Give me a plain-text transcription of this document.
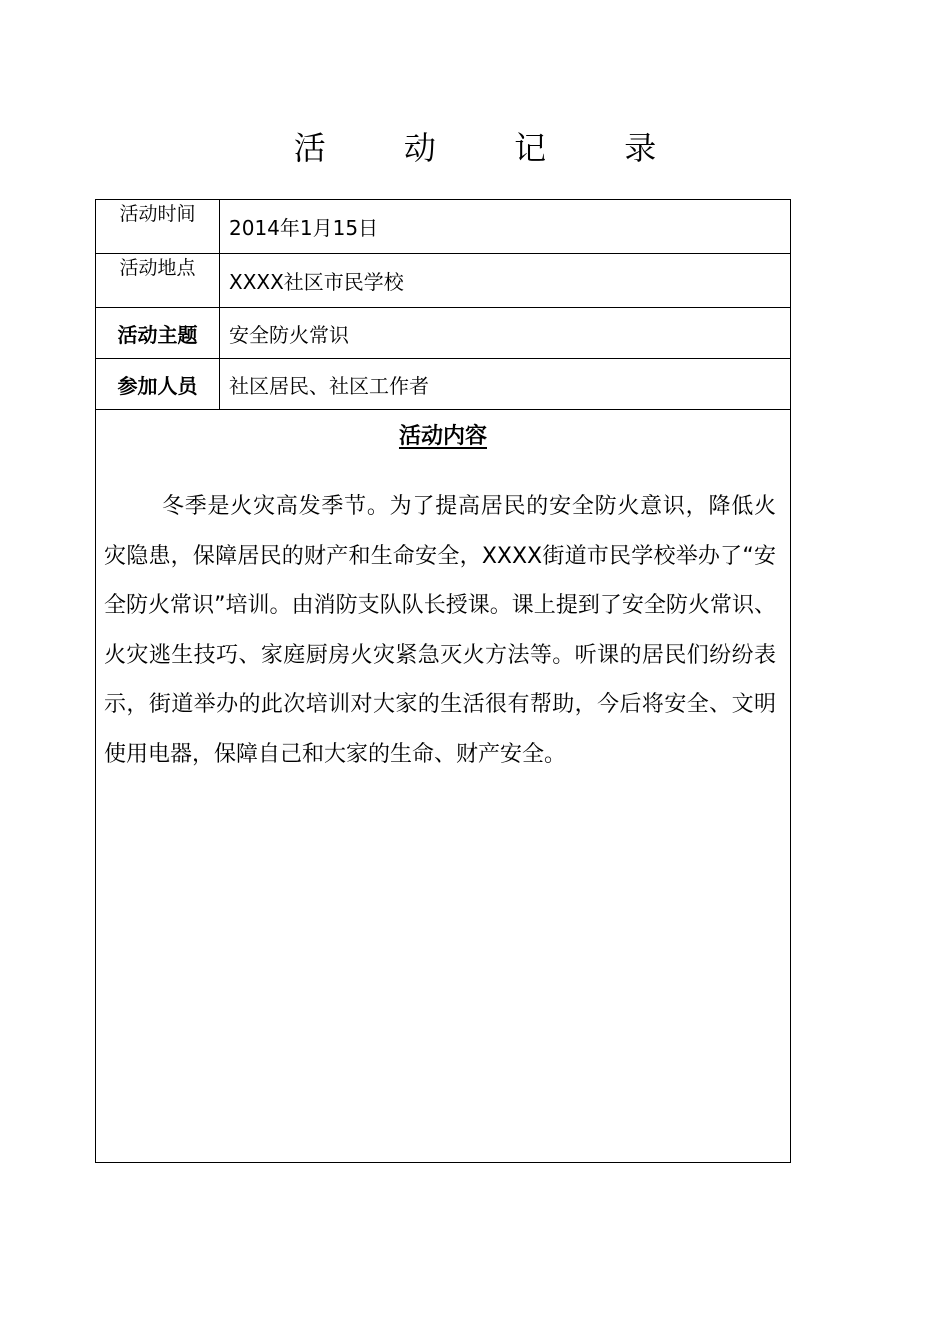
活 动 记 录
活动时间	2014年1月15日
活动地点	XXXX社区市民学校
活动主题	安全防火常识
参加人员	社区居民、社区工作者

活动内容

冬季是火灾高发季节。为了提高居民的安全防火意识，降低火灾隐患，保障居民的财产和生命安全，XXXX街道市民学校举办了“安全防火常识”培训。由消防支队队长授课。课上提到了安全防火常识、火灾逃生技巧、家庭厨房火灾紧急灭火方法等。听课的居民们纷纷表示，街道举办的此次培训对大家的生活很有帮助，今后将安全、文明使用电器，保障自己和大家的生命、财产安全。	
